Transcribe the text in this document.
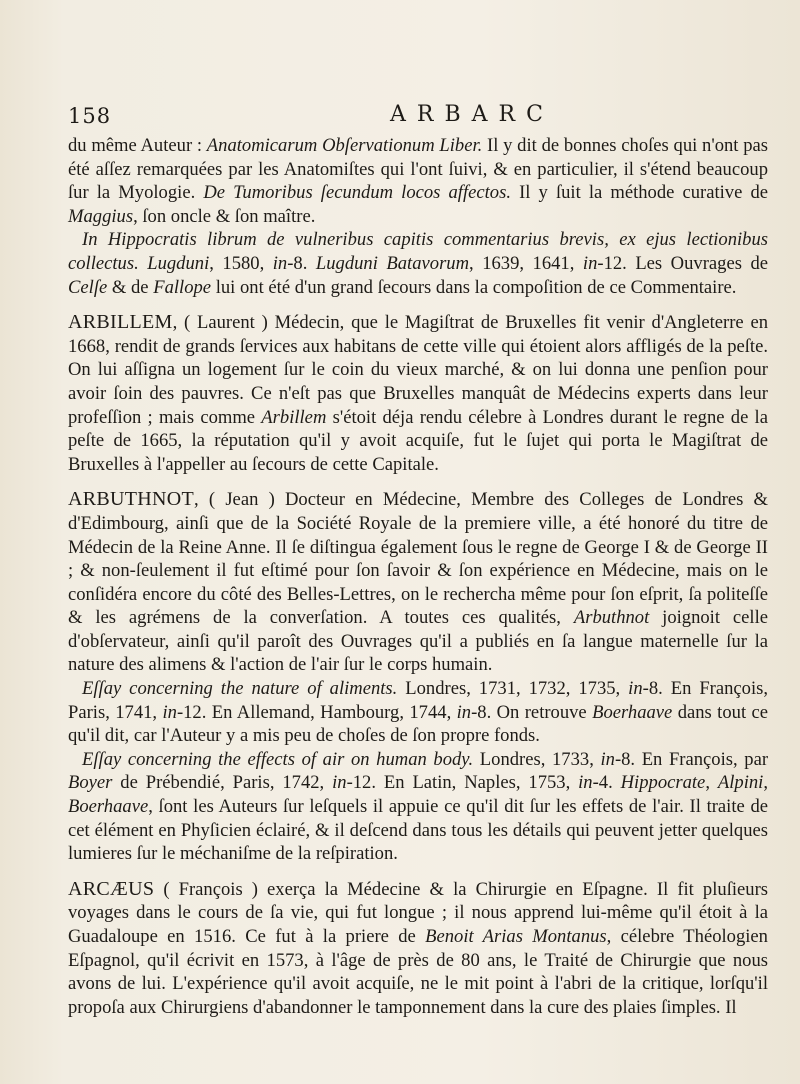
158	ARBARC

du même Auteur : Anatomicarum Obſervationum Liber. Il y dit de bonnes choſes qui n'ont pas été aſſez remarquées par les Anatomiſtes qui l'ont ſuivi, & en particulier, il s'étend beaucoup ſur la Myologie. De Tumoribus ſecundum locos affectos. Il y ſuit la méthode curative de Maggius, ſon oncle & ſon maître.

In Hippocratis librum de vulneribus capitis commentarius brevis, ex ejus lectionibus collectus. Lugduni, 1580, in-8. Lugduni Batavorum, 1639, 1641, in-12. Les Ouvrages de Celſe & de Fallope lui ont été d'un grand ſecours dans la compoſition de ce Commentaire.

ARBILLEM, ( Laurent ) Médecin, que le Magiſtrat de Bruxelles fit venir d'Angleterre en 1668, rendit de grands ſervices aux habitans de cette ville qui étoient alors affligés de la peſte. On lui aſſigna un logement ſur le coin du vieux marché, & on lui donna une penſion pour avoir ſoin des pauvres. Ce n'eſt pas que Bruxelles manquât de Médecins experts dans leur profeſſion ; mais comme Arbillem s'étoit déja rendu célebre à Londres durant le regne de la peſte de 1665, la réputation qu'il y avoit acquiſe, fut le ſujet qui porta le Magiſtrat de Bruxelles à l'appeller au ſecours de cette Capitale.

ARBUTHNOT, ( Jean ) Docteur en Médecine, Membre des Colleges de Londres & d'Edimbourg, ainſi que de la Société Royale de la premiere ville, a été honoré du titre de Médecin de la Reine Anne. Il ſe diſtingua également ſous le regne de George I & de George II ; & non-ſeulement il fut eſtimé pour ſon ſavoir & ſon expérience en Médecine, mais on le conſidéra encore du côté des Belles-Lettres, on le rechercha même pour ſon eſprit, ſa politeſſe & les agrémens de la converſation. A toutes ces qualités, Arbuthnot joignoit celle d'obſervateur, ainſi qu'il paroît des Ouvrages qu'il a publiés en ſa langue maternelle ſur la nature des alimens & l'action de l'air ſur le corps humain.

Eſſay concerning the nature of aliments. Londres, 1731, 1732, 1735, in-8. En François, Paris, 1741, in-12. En Allemand, Hambourg, 1744, in-8. On retrouve Boerhaave dans tout ce qu'il dit, car l'Auteur y a mis peu de choſes de ſon propre fonds.

Eſſay concerning the effects of air on human body. Londres, 1733, in-8. En François, par Boyer de Prébendié, Paris, 1742, in-12. En Latin, Naples, 1753, in-4. Hippocrate, Alpini, Boerhaave, ſont les Auteurs ſur leſquels il appuie ce qu'il dit ſur les effets de l'air. Il traite de cet élément en Phyſicien éclairé, & il deſcend dans tous les détails qui peuvent jetter quelques lumieres ſur le méchaniſme de la reſpiration.

ARCÆUS ( François ) exerça la Médecine & la Chirurgie en Eſpagne. Il fit pluſieurs voyages dans le cours de ſa vie, qui fut longue ; il nous apprend lui-même qu'il étoit à la Guadaloupe en 1516. Ce fut à la priere de Benoit Arias Montanus, célebre Théologien Eſpagnol, qu'il écrivit en 1573, à l'âge de près de 80 ans, le Traité de Chirurgie que nous avons de lui. L'expérience qu'il avoit acquiſe, ne le mit point à l'abri de la critique, lorſqu'il propoſa aux Chirurgiens d'abandonner le tamponnement dans la cure des plaies ſimples. Il
